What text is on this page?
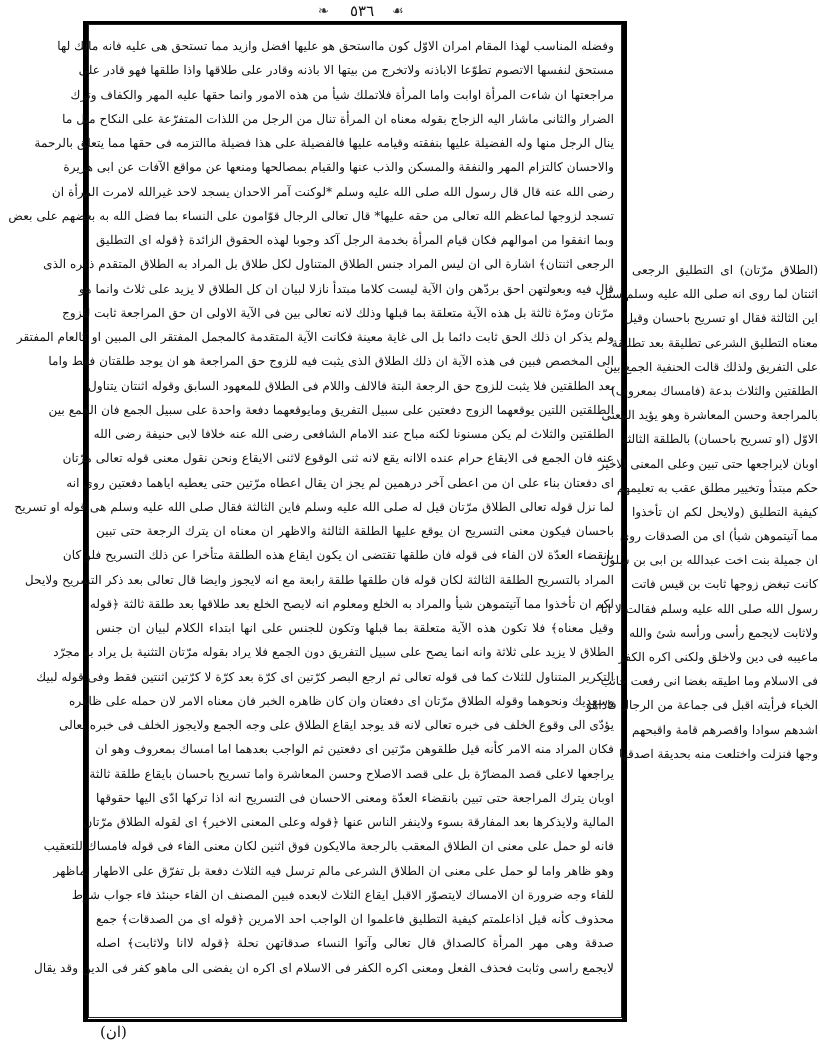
❧ ٥٣٦ ☙
وفضله المناسب لهذا المقام امران الاوّل كون مااستحق هو عليها افضل وازيد مما تستحق هى عليه فانه مالك لها
مستحق لنفسها الاتصوم تطوّعا الاباذنه ولاتخرج من بيتها الا باذنه وقادر على طلاقها واذا طلقها فهو قادر على
مراجعتها ان شاءت المرأة اوابت واما المرأة فلاتملك شيأ من هذه الامور وانما حقها عليه المهر والكفاف وترك
الضرار والثانى ماشار اليه الزجاج بقوله معناه ان المرأة تنال من الرجل من اللذات المتفرّعة على النكاح مثل ما
ينال الرجل منها وله الفضيلة عليها بنفقته وقيامه عليها فالفضيلة على هذا فضيلة ماالتزمه فى حقها مما يتعلق بالرحمة
والاحسان كالتزام المهر والنفقة والمسكن والذب عنها والقيام بمصالحها ومنعها عن مواقع الآفات عن ابى هريرة
رضى الله عنه قال قال رسول الله صلى الله عليه وسلم *لوكنت آمر الاحدان يسجد لاحد غيرالله لامرت المرأة ان
تسجد لزوجها لماعظم الله تعالى من حقه عليها* قال تعالى الرجال قوّامون على النساء بما فضل الله به بعضهم على بعض
وبما انفقوا من اموالهم فكان قيام المرأة بخدمة الرجل آكد وجوبا لهذه الحقوق الزائدة ﴿قوله اى التطليق
الرجعى اثنتان﴾ اشارة الى ان ليس المراد جنس الطلاق المتناول لكل طلاق بل المراد به الطلاق المتقدم ذكره الذى
قال فيه وبعولتهن احق بردّهن وان الآية ليست كلاما مبتدأ نازلا لبيان ان كل الطلاق لا يزيد على ثلاث وانما هو
مرّتان ومرّة ثالثة بل هذه الآية متعلقة بما قبلها وذلك لانه تعالى بين فى الآية الاولى ان حق المراجعة ثابت للزوج
ولم يذكر ان ذلك الحق ثابت دائما بل الى غاية معينة فكانت الآية المتقدمة كالمجمل المفتقر الى المبين او كالعام المفتقر
الى المخصص فبين فى هذه الآية ان ذلك الطلاق الذى يثبت فيه للزوج حق المراجعة هو ان يوجد طلقتان فقط واما
بعد الطلقتين فلا يثبت للزوج حق الرجعة البتة فالالف واللام فى الطلاق للمعهود السابق وقوله اثنتان يتناول
الطلقتين اللتين يوقعهما الزوج دفعتين على سبيل التفريق ومايوقعهما دفعة واحدة على سبيل الجمع فان الجمع بين
الطلقتين والثلاث لم يكن مسنونا لكنه مباح عند الامام الشافعى رضى الله عنه خلافا لابى حنيفة رضى الله
عنه فان الجمع فى الايقاع حرام عنده الاانه يقع لانه ثنى الوقوع لاثنى الايقاع ونحن نقول معنى قوله تعالى مرّتان
اى دفعتان بناء على ان من اعطى آخر درهمين لم يجز ان يقال اعطاه مرّتين حتى يعطيه اياهما دفعتين روى انه
لما نزل قوله تعالى الطلاق مرّتان قيل له صلى الله عليه وسلم فاين الثالثة فقال صلى الله عليه وسلم هى قوله او تسريح
باحسان فيكون معنى التسريح ان يوقع عليها الطلقة الثالثة والاظهر ان معناه ان يترك الرجعة حتى تبين
بانقضاء العدّة لان الفاء فى قوله فان طلقها تقتضى ان يكون ايقاع هذه الطلقة متأخرا عن ذلك التسريح فلو كان
المراد بالتسريح الطلقة الثالثة لكان قوله فان طلقها طلقة رابعة مع انه لايجوز وايضا قال تعالى بعد ذكر التسريح ولايحل
لكم ان تأخذوا مما آتيتموهن شيأ والمراد به الخلع ومعلوم انه لايصح الخلع بعد طلاقها بعد طلقة ثالثة ﴿قوله
وقيل معناه﴾ فلا تكون هذه الآية متعلقة بما قبلها وتكون للجنس على انها ابتداء الكلام لبيان ان جنس
الطلاق لا يزيد على ثلاثة وانه انما يصح على سبيل التفريق دون الجمع فلا يراد بقوله مرّتان التثنية بل يراد به مجرّد
التكرير المتناول للثلاث كما فى قوله تعالى ثم ارجع البصر كرّتين اى كرّة بعد كرّة لا كرّتين اثنتين فقط وفى قوله لبيك
وسعديك ونحوهما وقوله الطلاق مرّتان اى دفعتان وان كان ظاهره الخبر فان معناه الامر لان حمله على ظاهره
يؤدّى الى وقوع الخلف فى خبره تعالى لانه قد يوجد ايقاع الطلاق على وجه الجمع ولايجوز الخلف فى خبره تعالى
فكان المراد منه الامر كأنه قيل طلقوهن مرّتين اى دفعتين ثم الواجب بعدهما اما امساك بمعروف وهو ان
يراجعها لاعلى قصد المضارّة بل على قصد الاصلاح وحسن المعاشرة واما تسريح باحسان بايقاع طلقة ثالثة
اوبان يترك المراجعة حتى تبين بانقضاء العدّة ومعنى الاحسان فى التسريح انه اذا تركها ادّى اليها حقوقها
المالية ولايذكرها بعد المفارقة بسوء ولاينفر الناس عنها ﴿قوله وعلى المعنى الاخير﴾ اى لقوله الطلاق مرّتان
فانه لو حمل على معنى ان الطلاق المعقب بالرجعة مالايكون فوق اثنين لكان معنى الفاء فى قوله فامساك للتعقيب
وهو ظاهر واما لو حمل على معنى ان الطلاق الشرعى مالم ترسل فيه الثلاث دفعة بل تفرّق على الاطهار لماظهر
للفاء وجه ضرورة ان الامساك لايتصوّر الاقبل ايقاع الثلاث لابعده فبين المصنف ان الفاء حينئذ فاء جواب شرط
محذوف كأنه قيل اذاعلمتم كيفية التطليق فاعلموا ان الواجب احد الامرين ﴿قوله اى من الصدقات﴾ جمع
صدقة وهى مهر المرأة كالصداق قال تعالى وآتوا النساء صدقاتهن نحلة ﴿قوله لاانا ولاثابت﴾ اصله
لايجمع راسى وثابت فحذف الفعل ومعنى اكره الكفر فى الاسلام اى اكره ان يفضى الى ماهو كفر فى الدين وقد يقال
(الطلاق مرّتان) اى التطليق الرجعى
اثنتان لما روى انه صلى الله عليه وسلم سئل
اين الثالثة فقال او تسريح باحسان وقيل
معناه التطليق الشرعى تطليقة بعد تطليقة
على التفريق ولذلك قالت الحنفية الجمع بين
الطلقتين والثلاث بدعة (فامساك بمعروف)
بالمراجعة وحسن المعاشرة وهو يؤيد المعنى
الاوّل (او تسريح باحسان) بالطلقة الثالثة
اوبان لايراجعها حتى تبين وعلى المعنى الاخير
حكم مبتدأ وتخيير مطلق عقب به تعليمهم
كيفية التطليق (ولايحل لكم ان تأخذوا
مما آتيتموهن شيأ) اى من الصدقات روى
ان جميلة بنت اخت عبدالله بن ابى بن سلول
كانت تبغض زوجها ثابت بن قيس فاتت
رسول الله صلى الله عليه وسلم فقالت لا انا
ولاثابت لايجمع رأسى ورأسه شئ والله
ماعيبه فى دين ولاخلق ولكنى اكره الكفر
فى الاسلام وما اطيقه بغضا انى رفعت جانب
الخباء فرأيته اقبل فى جماعة من الرجال فاذاهو
اشدهم سوادا واقصرهم قامة واقبحهم
وجها فنزلت واختلعت منه بحديقة اصدقها
(ان)
